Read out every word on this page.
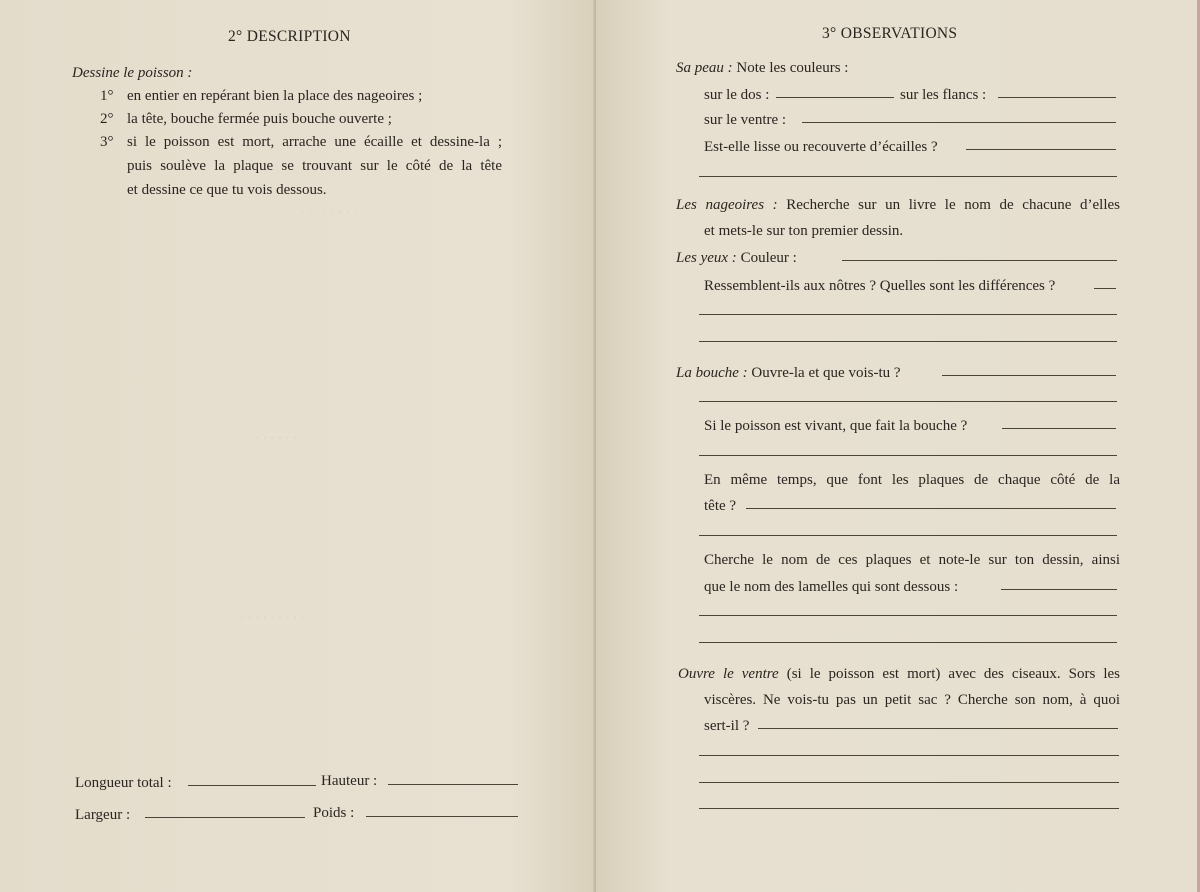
· · · · · · · ·
· · · · · ·
· · · · · · · · ·
2° DESCRIPTION
Dessine le poisson :
1° en entier en repérant bien la place des nageoires ;
2° la tête, bouche fermée puis bouche ouverte ;
3° si le poisson est mort, arrache une écaille et dessine-la ;
puis soulève la plaque se trouvant sur le côté de la tête
et dessine ce que tu vois dessous.
Longueur total :	Hauteur :
Largeur :	Poids :
3° OBSERVATIONS
Sa peau : Note les couleurs :
sur le dos :	sur les flancs :
sur le ventre :
Est-elle lisse ou recouverte d’écailles ?
Les nageoires : Recherche sur un livre le nom de chacune d’elles
et mets-le sur ton premier dessin.
Les yeux : Couleur :
Ressemblent-ils aux nôtres ? Quelles sont les différences ?
La bouche : Ouvre-la et que vois-tu ?
Si le poisson est vivant, que fait la bouche ?
En même temps, que font les plaques de chaque côté de la
tête ?
Cherche le nom de ces plaques et note-le sur ton dessin, ainsi
que le nom des lamelles qui sont dessous :
Ouvre le ventre (si le poisson est mort) avec des ciseaux. Sors les
viscères. Ne vois-tu pas un petit sac ? Cherche son nom, à quoi
sert-il ?
